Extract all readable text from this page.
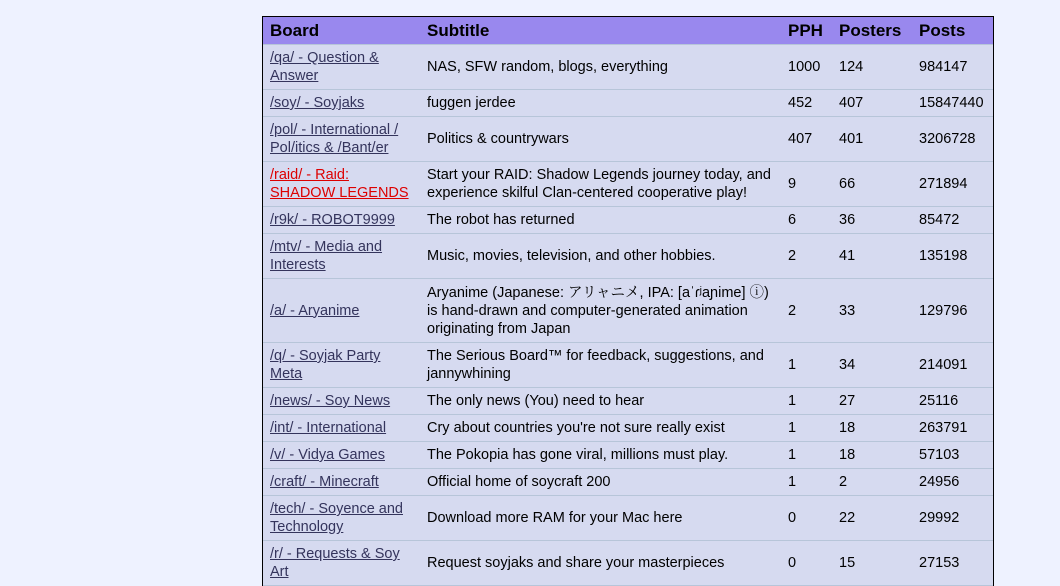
Board	Subtitle	PPH	Posters	Posts
/qa/ - Question & Answer	NAS, SFW random, blogs, everything	1000	124	984147
/soy/ - Soyjaks	fuggen jerdee	452	407	15847440
/pol/ - International / Pol/itics & /Bant/er	Politics & countrywars	407	401	3206728
/raid/ - Raid: SHADOW LEGENDS	Start your RAID: Shadow Legends journey today, and experience skilful Clan-centered cooperative play!	9	66	271894
/r9k/ - ROBOT9999	The robot has returned	6	36	85472
/mtv/ - Media and Interests	Music, movies, television, and other hobbies.	2	41	135198
/a/ - Aryanime	Aryanime (Japanese: アリャニメ, IPA: [aˈɾʲaɲime] ⓘ) is hand-drawn and computer-generated animation originating from Japan	2	33	129796
/q/ - Soyjak Party Meta	The Serious Board™ for feedback, suggestions, and jannywhining	1	34	214091
/news/ - Soy News	The only news (You) need to hear	1	27	25116
/int/ - International	Cry about countries you're not sure really exist	1	18	263791
/v/ - Vidya Games	The Pokopia has gone viral, millions must play.	1	18	57103
/craft/ - Minecraft	Official home of soycraft 200	1	2	24956
/tech/ - Soyence and Technology	Download more RAM for your Mac here	0	22	29992
/r/ - Requests & Soy Art	Request soyjaks and share your masterpieces	0	15	27153
